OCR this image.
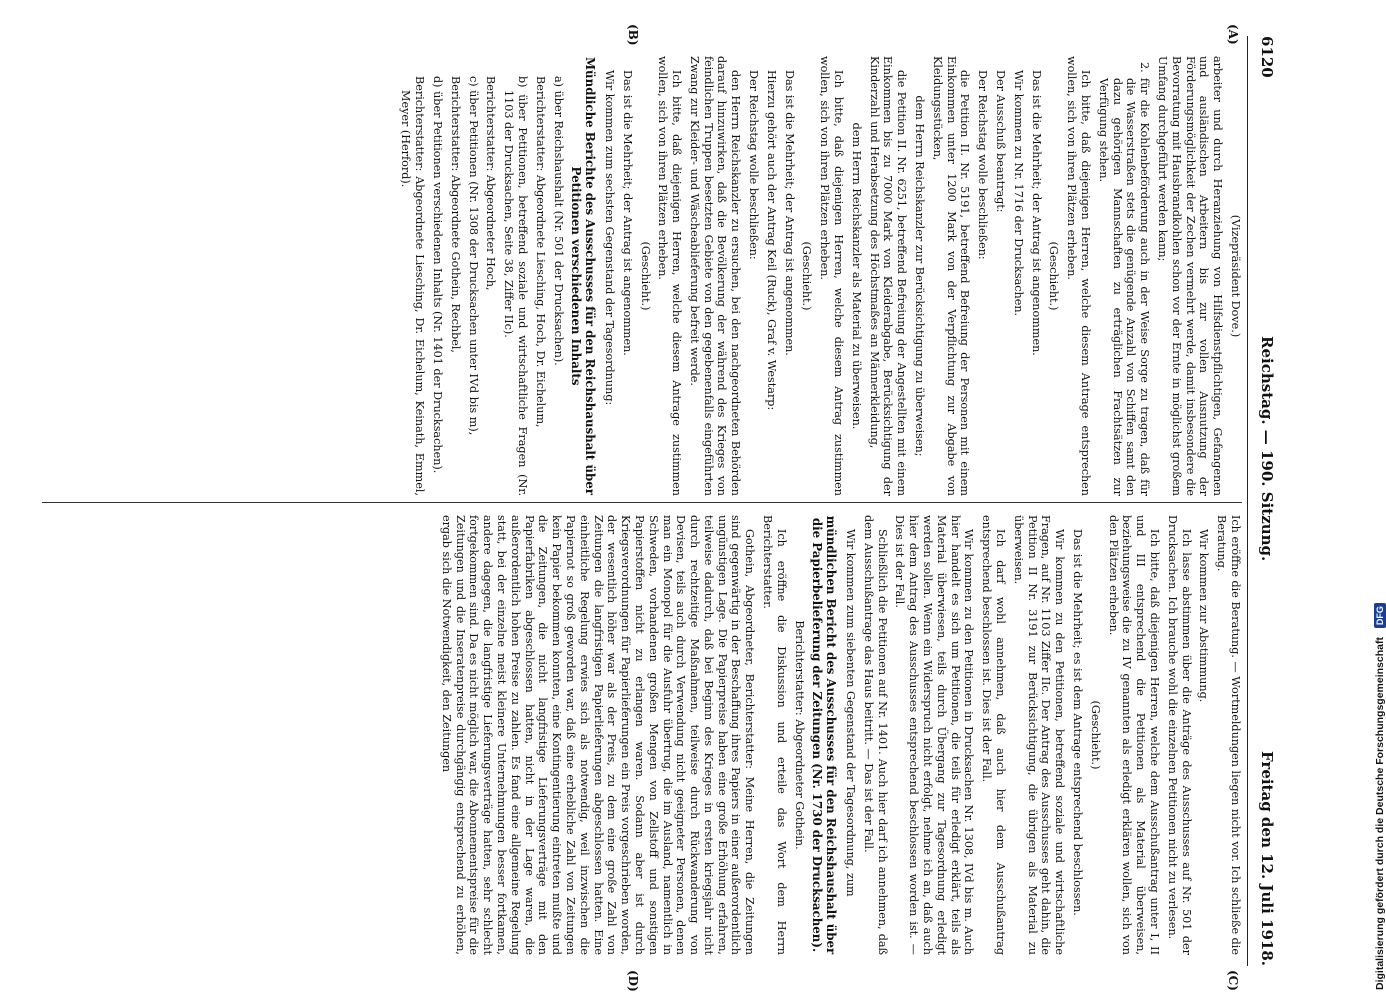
6120
Reichstag. — 190. Sitzung.
Freitag den 12. Juli 1918.
(A)
(B)
(C)
(D)

(Vizepräsident Dove.)

arbeiter und durch Heranziehung von Hilfsdienstpflichtigen, Gefangenen und ausländischen Arbeitern bis zur vollen Ausnutzung der Förderungsmöglichkeit der Zechen vermehrt werde, damit insbesondere die Bevorratung mit Hausbrandkohlen schon vor der Ernte in möglichst großem Umfang durchgeführt werden kann;

2. für die Kohlenbeförderung auch in der Weise Sorge zu tragen, daß für die Wasserstraßen stets die genügende Anzahl von Schiffen samt den dazu gehörigen Mannschaften zu erträglichen Frachtsätzen zur Verfügung stehen.

Ich bitte, daß diejenigen Herren, welche diesem Antrage entsprechen wollen, sich von ihren Plätzen erheben.

(Geschieht.)

Das ist die Mehrheit; der Antrag ist angenommen.

Wir kommen zu Nr. 1716 der Drucksachen.

Der Ausschuß beantragt:

Der Reichstag wolle beschließen:

die Petition II. Nr. 5191, betreffend Befreiung der Personen mit einem Einkommen unter 1200 Mark von der Verpflichtung zur Abgabe von Kleidungsstücken,

dem Herrn Reichskanzler zur Berücksichtigung zu überweisen;

die Petition II. Nr. 6251, betreffend Befreiung der Angestellten mit einem Einkommen bis zu 7000 Mark von Kleiderabgabe, Berücksichtigung der Kinderzahl und Herabsetzung des Höchstmaßes an Männerkleidung,

dem Herrn Reichskanzler als Material zu überweisen.

Ich bitte, daß diejenigen Herren, welche diesem Antrag zustimmen wollen, sich von ihren Plätzen erheben.

(Geschieht.)

Das ist die Mehrheit; der Antrag ist angenommen.

Hierzu gehört auch der Antrag Keil (Ruck), Graf v. Westarp:

Der Reichstag wolle beschließen:

den Herrn Reichskanzler zu ersuchen, bei den nachgeordneten Behörden darauf hinzuwirken, daß die Bevölkerung der während des Krieges von feindlichen Truppen besetzten Gebiete von den gegebenenfalls eingeführten Zwang zur Kleider- und Wäscheablieferung befreit werde.

Ich bitte, daß diejenigen Herren, welche diesem Antrage zustimmen wollen, sich von ihren Plätzen erheben.

(Geschieht.)

Das ist die Mehrheit; der Antrag ist angenommen.

Wir kommen zum sechsten Gegenstand der Tagesordnung:

Mündliche Berichte des Ausschusses für den Reichshaushalt über Petitionen verschiedenen Inhalts

a) über Reichshaushalt (Nr. 501 der Drucksachen).

Berichterstatter: Abgeordnete Liesching, Hoch, Dr. Eichelum,

b) über Petitionen, betreffend soziale und wirtschaftliche Fragen (Nr. 1103 der Drucksachen, Seite 38, Ziffer IIc).

Berichterstatter: Abgeordneter Hoch,

c) über Petitionen (Nr. 1308 der Drucksachen unter IVd bis m),

Berichterstatter: Abgeordnete Gothein, Rechbel,

d) über Petitionen verschiedenen Inhalts (Nr. 1401 der Drucksachen).

Berichterstatter: Abgeordnete Liesching, Dr. Eichelum, Keinath, Emmel, Meyer (Herford).

Ich eröffne die Beratung. — Wortmeldungen liegen nicht vor. Ich schließe die Beratung.

Wir kommen zur Abstimmung.

Ich lasse abstimmen über die Anträge des Ausschusses auf Nr. 501 der Drucksachen. Ich brauche wohl die einzelnen Petitionen nicht zu verlesen.

Ich bitte, daß diejenigen Herren, welche dem Ausschußantrag unter I, II und III entsprechend die Petitionen als Material überweisen, beziehungsweise die zu IV genannten als erledigt erklären wollen, sich von den Plätzen erheben.

(Geschieht.)

Das ist die Mehrheit; es ist dem Antrage entsprechend beschlossen.

Wir kommen zu den Petitionen, betreffend soziale und wirtschaftliche Fragen, auf Nr. 1103 Ziffer IIc. Der Antrag des Ausschusses geht dahin, die Petition II Nr. 3191 zur Berücksichtigung, die übrigen als Material zu überweisen.

Ich darf wohl annehmen, daß auch hier dem Ausschußantrag entsprechend beschlossen ist. Dies ist der Fall.

Wir kommen zu den Petitionen in Drucksachen Nr. 1308, IVd bis m. Auch hier handelt es sich um Petitionen, die teils für erledigt erklärt, teils als Material überwiesen, teils durch Übergang zur Tagesordnung erledigt werden sollen. Wenn ein Widerspruch nicht erfolgt, nehme ich an, daß auch hier dem Antrag des Ausschusses entsprechend beschlossen worden ist. — Dies ist der Fall.

Schließlich die Petitionen auf Nr. 1401. Auch hier darf ich annehmen, daß dem Ausschußantrage das Haus beitritt. — Das ist der Fall.

Wir kommen zum siebenten Gegenstand der Tagesordnung, zum

mündlichen Bericht des Ausschusses für den Reichshaushalt über die Papierbelieferung der Zeitungen (Nr. 1730 der Drucksachen).

Berichterstatter: Abgeordneter Gothein.

Ich eröffne die Diskussion und erteile das Wort dem Herrn Berichterstatter.

Gothein, Abgeordneter, Berichterstatter: Meine Herren, die Zeitungen sind gegenwärtig in der Beschaffung ihres Papiers in einer außerordentlich ungünstigen Lage. Die Papierpreise haben eine große Erhöhung erfahren, teilweise dadurch, daß bei Beginn des Krieges in ersten kriegsjahr nicht durch rechtzeitige Maßnahmen, teilweise durch Rückwanderung von Devisen, teils auch durch Verwendung nicht geeigneter Personen, denen man ein Monopol für die Ausfuhr übertrug, die im Ausland, namentlich in Schweden, vorhandenen großen Mengen von Zellstoff und sonstigen Papierstoffen nicht zu erlangen waren. Sodann aber ist durch Kriegsverordnungen für Papierlieferungen ein Preis vorgeschrieben worden, der wesentlich höher war als der Preis, zu dem eine große Zahl von Zeitungen die langfristigen Papierlieferungen abgeschlossen hatten. Eine einheitliche Regelung erwies sich als notwendig, weil inzwischen die Papiernot so groß geworden war, daß eine erhebliche Zahl von Zeitungen kein Papier bekommen konnten, eine Kontingentierung eintreten mußte und die Zeitungen, die nicht langfristige Lieferungsverträge mit den Papierfabriken abgeschlossen hatten, nicht in der Lage waren, die außerordentlich hohen Preise zu zahlen. Es fand eine allgemeine Regelung statt, bei der einzelne meist kleinere Unternehmungen besser fortkamen, andere dagegen, die langfristige Lieferungsverträge hatten, sehr schlecht fortgekommen sind. Da es nicht möglich war, die Abonnementspreise für die Zeitungen und die Inseratenpreise durchgängig entsprechend zu erhöhen, ergab sich die Notwendigkeit, den Zeitungen	Digitalisierung gefördert durch die Deutsche Forschungsgemeinschaft DFG
